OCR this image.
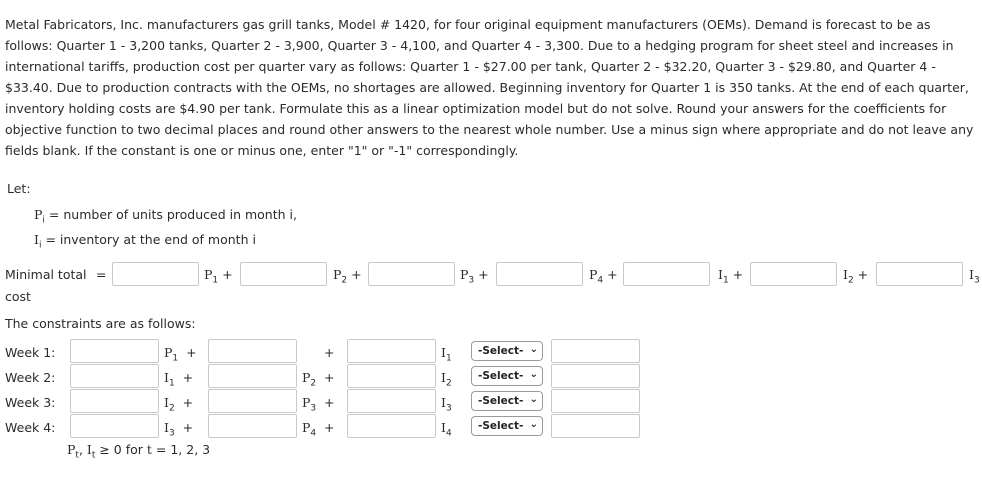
Metal Fabricators, Inc. manufacturers gas grill tanks, Model # 1420, for four original equipment manufacturers (OEMs). Demand is forecast to be as follows: Quarter 1 - 3,200 tanks, Quarter 2 - 3,900, Quarter 3 - 4,100, and Quarter 4 - 3,300. Due to a hedging program for sheet steel and increases in international tariffs, production cost per quarter vary as follows: Quarter 1 - $27.00 per tank, Quarter 2 - $32.20, Quarter 3 - $29.80, and Quarter 4 - $33.40. Due to production contracts with the OEMs, no shortages are allowed. Beginning inventory for Quarter 1 is 350 tanks. At the end of each quarter, inventory holding costs are $4.90 per tank. Formulate this as a linear optimization model but do not solve. Round your answers for the coefficients for objective function to two decimal places and round other answers to the nearest whole number. Use a minus sign where appropriate and do not leave any fields blank. If the constant is one or minus one, enter "1" or "-1" correspondingly.

Let:
$P_i$ = number of units produced in month i,
$I_i$ = inventory at the end of month i
Minimal total
cost
=	$P_1$ +	$P_2$ +	$P_3$ +	$P_4$ +	$I_1$ +	$I_2$ +	$I_3$
The constraints are as follows:
Week 1:	$P_1$ +	+	$I_1$
-Select- ⌄
Week 2:	$I_1$ +	$P_2$ +	$I_2$
-Select- ⌄
Week 3:	$I_2$ +	$P_3$ +	$I_3$
-Select- ⌄
Week 4:	$I_3$ +	$P_4$ +	$I_4$
-Select- ⌄
$P_t$, $I_t \ge 0$ for t = 1, 2, 3
